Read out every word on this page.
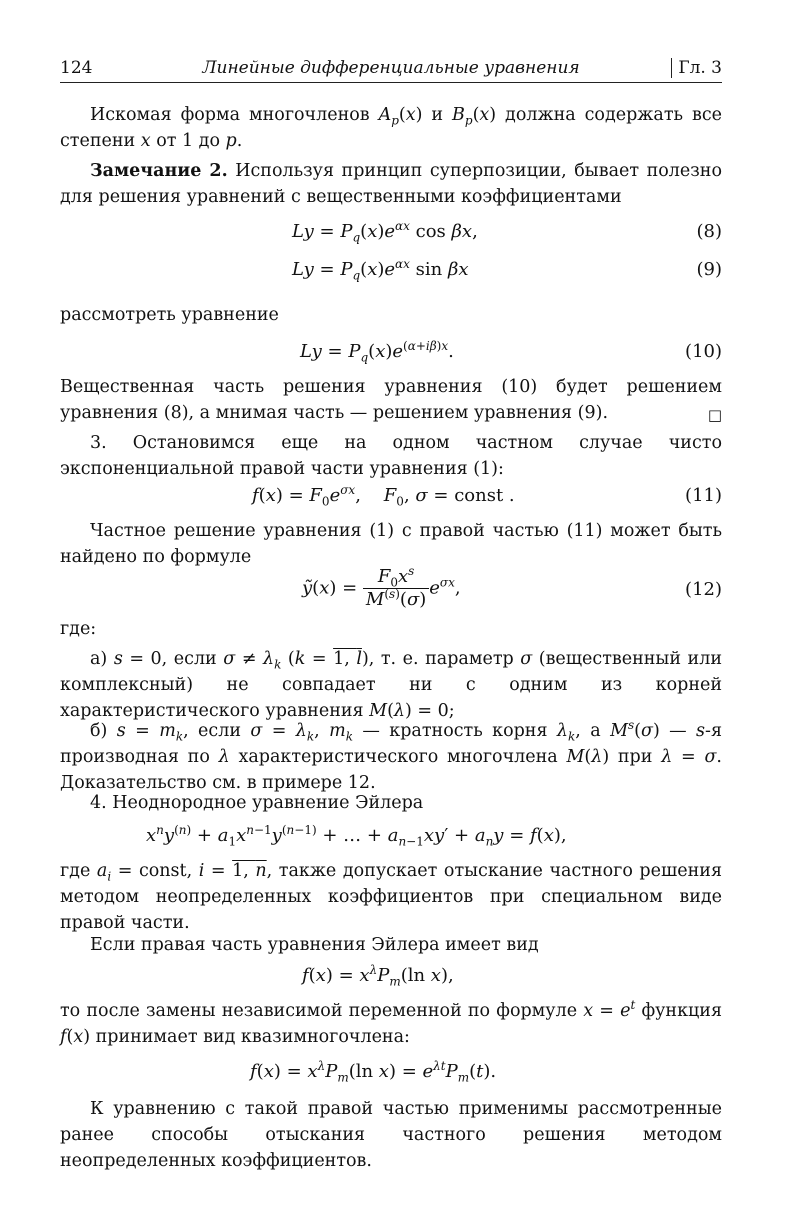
124	Линейные дифференциальные уравнения	Гл. 3
Искомая форма многочленов $A_p(x)$ и $B_p(x)$ должна содержать все степени x от 1 до p.
Замечание 2. Используя принцип суперпозиции, бывает полезно для решения уравнений с вещественными коэффициентами
$Ly = P_q(x)e^{\alpha x}$ cos βx,	(8)
$Ly = P_q(x)e^{\alpha x}$ sin βx	(9)
рассмотреть уравнение
$Ly = P_q(x)e^{(\alpha+i\beta)x}$.	(10)
Вещественная часть решения уравнения (10) будет решением уравнения (8), а мнимая часть — решением уравнения (9).	□
3. Остановимся еще на одном частном случае чисто экспоненциальной правой части уравнения (1):
$f(x) = F_0e^{\sigma x}$,    $F_0$, σ = const .	(11)
Частное решение уравнения (1) с правой частью (11) может быть найдено по формуле
ỹ(x) = $\frac{F_0x^s}{M^{(s)}(\sigma)} e^{\sigma x}$,	(12)
где:
а) s = 0, если $\sigma \ne \lambda_k$ (k = 1, l), т. е. параметр σ (вещественный или комплексный) не совпадает ни с одним из корней характеристического уравнения M(λ) = 0;
б) $s = m_k$, если $\sigma = \lambda_k$, $m_k$ — кратность корня $\lambda_k$, а $M^s(\sigma)$ — s-я производная по λ характеристического многочлена M(λ) при λ = σ. Доказательство см. в примере 12.
4. Неоднородное уравнение Эйлера
$x^ny^{(n)} + a_1x^{n-1}y^{(n-1)}$ + … + $a_{n-1}xy' + a_ny = f(x)$,
где $a_i$ = const, i = 1, n, также допускает отыскание частного решения методом неопределенных коэффициентов при специальном виде правой части.
Если правая часть уравнения Эйлера имеет вид
$f(x) = x^\lambda P_m(\ln$ x),
то после замены независимой переменной по формуле $x = e^t$ функция f(x) принимает вид квазимногочлена:
$f(x) = x^\lambda P_m(\ln$ $x) = e^{\lambda t}P_m(t)$.
К уравнению с такой правой частью применимы рассмотренные ранее способы отыскания частного решения методом неопределенных коэффициентов.
